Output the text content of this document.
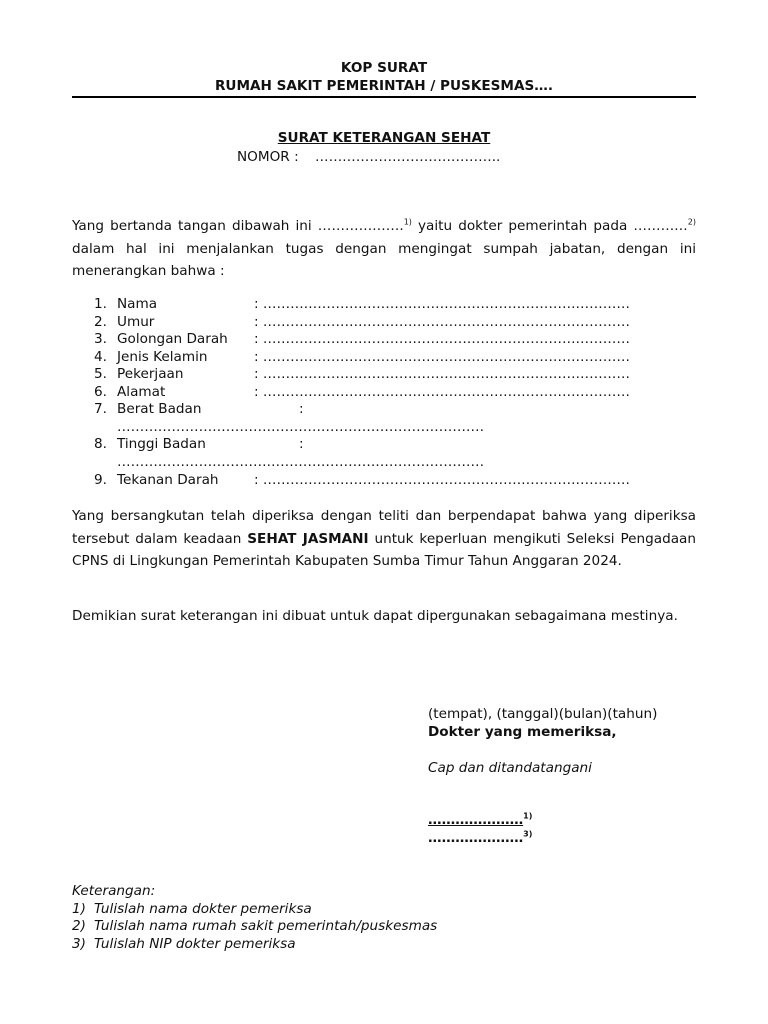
KOP SURAT
RUMAH SAKIT PEMERINTAH / PUSKESMAS….
SURAT KETERANGAN SEHAT
NOMOR : …………………………………..
Yang bertanda tangan dibawah ini ……………….$^{1)}$ yaitu dokter pemerintah pada …………$^{2)}$ dalam hal ini menjalankan tugas dengan mengingat sumpah jabatan, dengan ini menerangkan bahwa :
1. Nama	: ………………………………………………………………………
2. Umur	: ………………………………………………………………………
3. Golongan Darah : ………………………………………………………………………
4. Jenis Kelamin	: ………………………………………………………………………
5. Pekerjaan	: ………………………………………………………………………
6. Alamat	: ………………………………………………………………………
7. Berat Badan	:
………………………………………………………………………
8. Tinggi Badan	:
………………………………………………………………………
9. Tekanan Darah	: ………………………………………………………………………
Yang bersangkutan telah diperiksa dengan teliti dan berpendapat bahwa yang diperiksa tersebut dalam keadaan SEHAT JASMANI untuk keperluan mengikuti Seleksi Pengadaan CPNS di Lingkungan Pemerintah Kabupaten Sumba Timur Tahun Anggaran 2024.
Demikian surat keterangan ini dibuat untuk dapat dipergunakan sebagaimana mestinya.
(tempat), (tanggal)(bulan)(tahun)
Dokter yang memeriksa,
Cap dan ditandatangani
…………………$^{1)}$
…………………$^{3)}$
Keterangan:
1) Tulislah nama dokter pemeriksa
2) Tulislah nama rumah sakit pemerintah/puskesmas
3) Tulislah NIP dokter pemeriksa
